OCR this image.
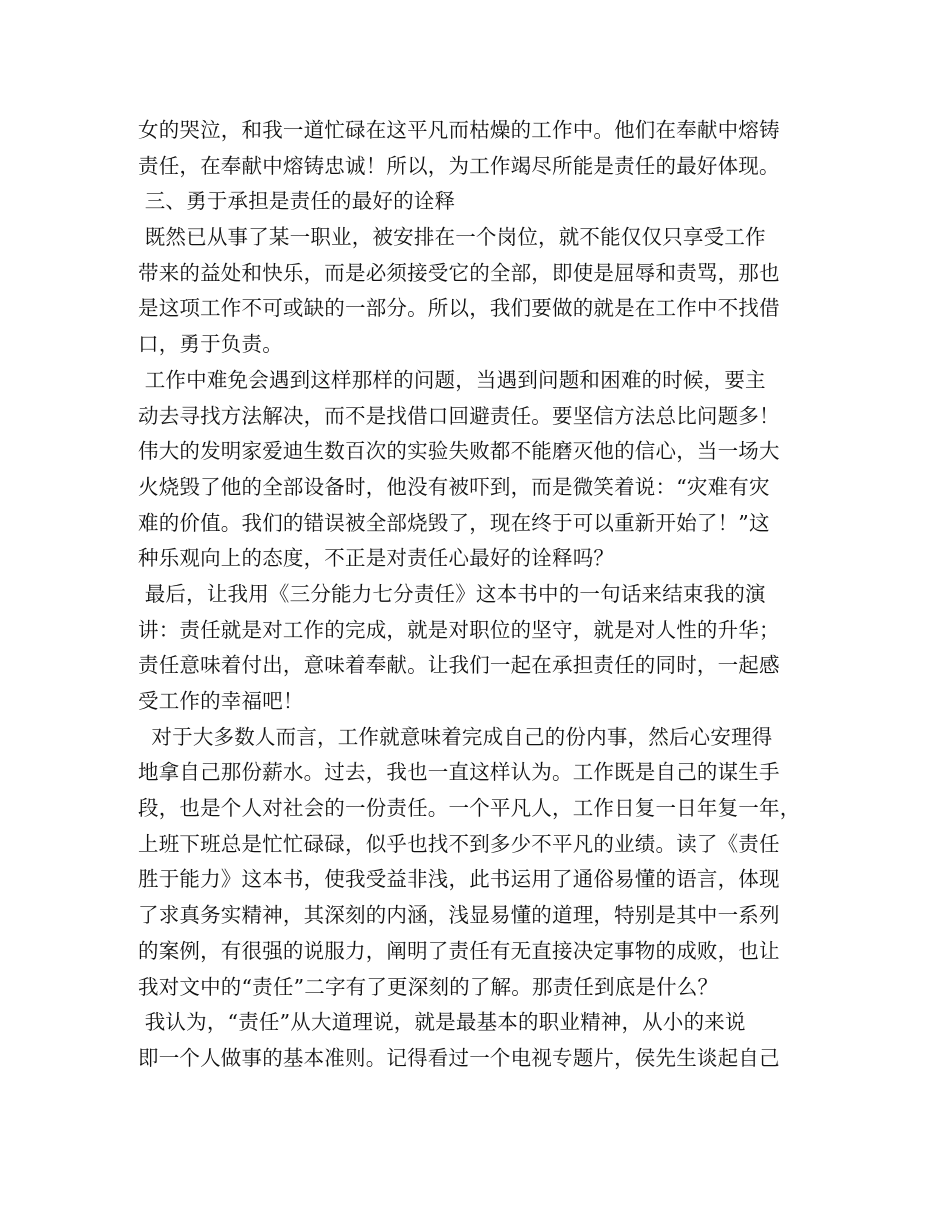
女的哭泣，和我一道忙碌在这平凡而枯燥的工作中。他们在奉献中熔铸
责任，在奉献中熔铸忠诚！所以，为工作竭尽所能是责任的最好体现。
三、勇于承担是责任的最好的诠释
既然已从事了某一职业，被安排在一个岗位，就不能仅仅只享受工作
带来的益处和快乐，而是必须接受它的全部，即使是屈辱和责骂，那也
是这项工作不可或缺的一部分。所以，我们要做的就是在工作中不找借
口，勇于负责。
工作中难免会遇到这样那样的问题，当遇到问题和困难的时候，要主
动去寻找方法解决，而不是找借口回避责任。要坚信方法总比问题多！
伟大的发明家爱迪生数百次的实验失败都不能磨灭他的信心，当一场大
火烧毁了他的全部设备时，他没有被吓到，而是微笑着说：“灾难有灾
难的价值。我们的错误被全部烧毁了，现在终于可以重新开始了！”这
种乐观向上的态度，不正是对责任心最好的诠释吗？
最后，让我用《三分能力七分责任》这本书中的一句话来结束我的演
讲：责任就是对工作的完成，就是对职位的坚守，就是对人性的升华；
责任意味着付出，意味着奉献。让我们一起在承担责任的同时，一起感
受工作的幸福吧！
对于大多数人而言，工作就意味着完成自己的份内事，然后心安理得
地拿自己那份薪水。过去，我也一直这样认为。工作既是自己的谋生手
段，也是个人对社会的一份责任。一个平凡人，工作日复一日年复一年，
上班下班总是忙忙碌碌，似乎也找不到多少不平凡的业绩。读了《责任
胜于能力》这本书，使我受益非浅，此书运用了通俗易懂的语言，体现
了求真务实精神，其深刻的内涵，浅显易懂的道理，特别是其中一系列
的案例，有很强的说服力，阐明了责任有无直接决定事物的成败，也让
我对文中的“责任”二字有了更深刻的了解。那责任到底是什么？
我认为，“责任”从大道理说，就是最基本的职业精神，从小的来说
即一个人做事的基本准则。记得看过一个电视专题片，侯先生谈起自己
